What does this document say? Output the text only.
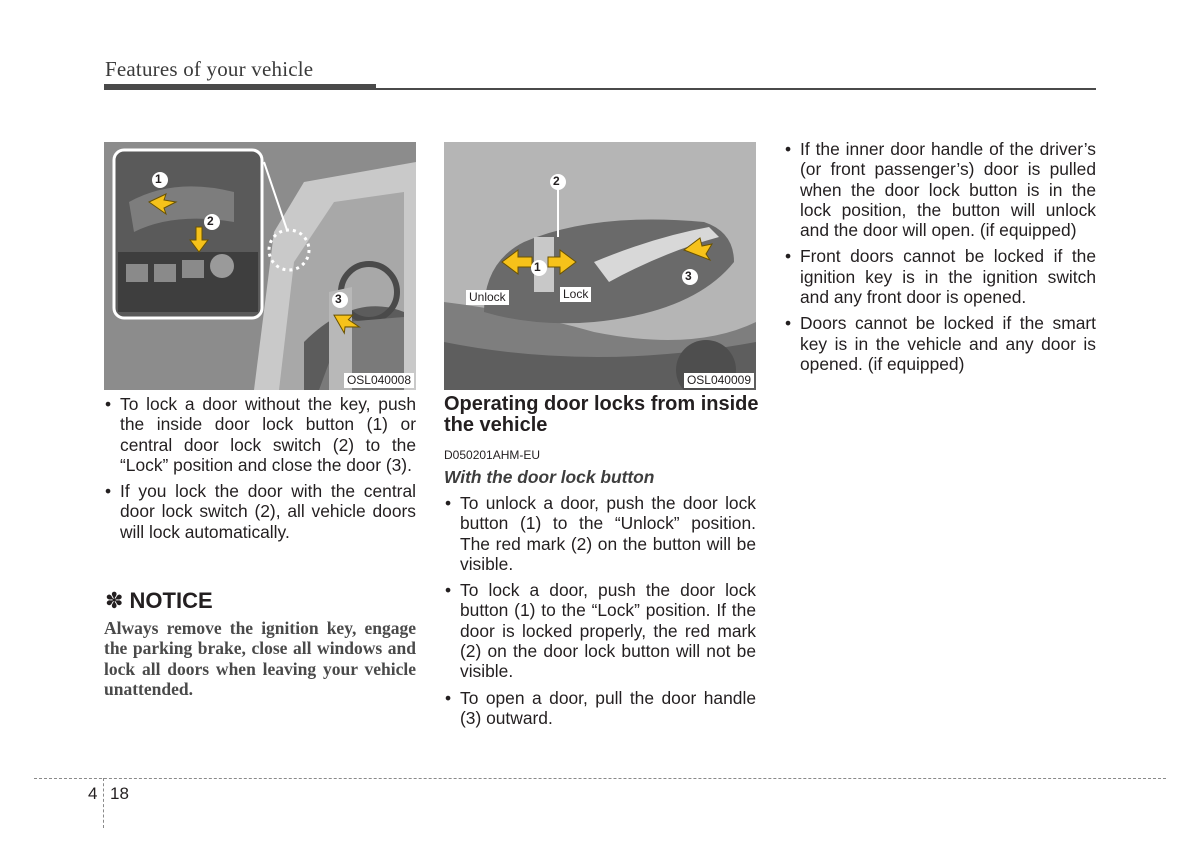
Features of your vehicle
1
2
3
OSL040008
2
1
3
Unlock	Lock
OSL040009
• To lock a door without the key, push the inside door lock button (1) or central door lock switch (2) to the “Lock” position and close the door (3).
• If you lock the door with the central door lock switch (2), all vehicle doors will lock automatically.
✽ NOTICE
Always remove the ignition key, engage the parking brake, close all windows and lock all doors when leaving your vehicle unattended.
Operating door locks from inside the vehicle
D050201AHM-EU
With the door lock button
• To unlock a door, push the door lock button (1) to the “Unlock” position. The red mark (2) on the button will be visible.
• To lock a door, push the door lock button (1) to the “Lock” position. If the door is locked properly, the red mark (2) on the door lock button will not be visible.
• To open a door, pull the door handle (3) outward.
• If the inner door handle of the driver’s (or front passenger’s) door is pulled when the door lock button is in the lock position, the button will unlock and the door will open. (if equipped)
• Front doors cannot be locked if the ignition key is in the ignition switch and any front door is opened.
• Doors cannot be locked if the smart key is in the vehicle and any door is opened. (if equipped)
4 18
